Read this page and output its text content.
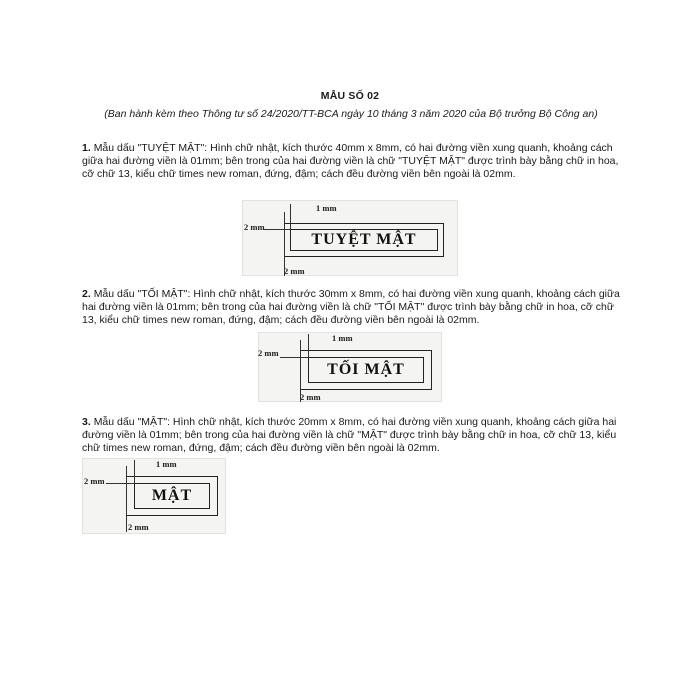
MẪU SỐ 02
(Ban hành kèm theo Thông tư số 24/2020/TT-BCA ngày 10 tháng 3 năm 2020 của Bộ trưởng Bộ Công an)
1. Mẫu dấu "TUYỆT MẬT": Hình chữ nhật, kích thước 40mm x 8mm, có hai đường viền xung quanh, khoảng cách giữa hai đường viền là 01mm; bên trong của hai đường viền là chữ "TUYỆT MẬT" được trình bày bằng chữ in hoa, cỡ chữ 13, kiểu chữ times new roman, đứng, đậm; cách đều đường viền bên ngoài là 02mm.
TUYỆT MẬT
1 mm
2 mm
2 mm
2. Mẫu dấu "TỐI MẬT": Hình chữ nhật, kích thước 30mm x 8mm, có hai đường viền xung quanh, khoảng cách giữa hai đường viền là 01mm; bên trong của hai đường viền là chữ "TỐI MẬT" được trình bày bằng chữ in hoa, cỡ chữ 13, kiểu chữ times new roman, đứng, đậm; cách đều đường viền bên ngoài là 02mm.
TỐI MẬT
1 mm
2 mm
2 mm
3. Mẫu dấu "MẬT": Hình chữ nhật, kích thước 20mm x 8mm, có hai đường viền xung quanh, khoảng cách giữa hai đường viền là 01mm; bên trong của hai đường viền là chữ "MẬT" được trình bày bằng chữ in hoa, cỡ chữ 13, kiểu chữ times new roman, đứng, đậm; cách đều đường viền bên ngoài là 02mm.
MẬT
1 mm
2 mm
2 mm
